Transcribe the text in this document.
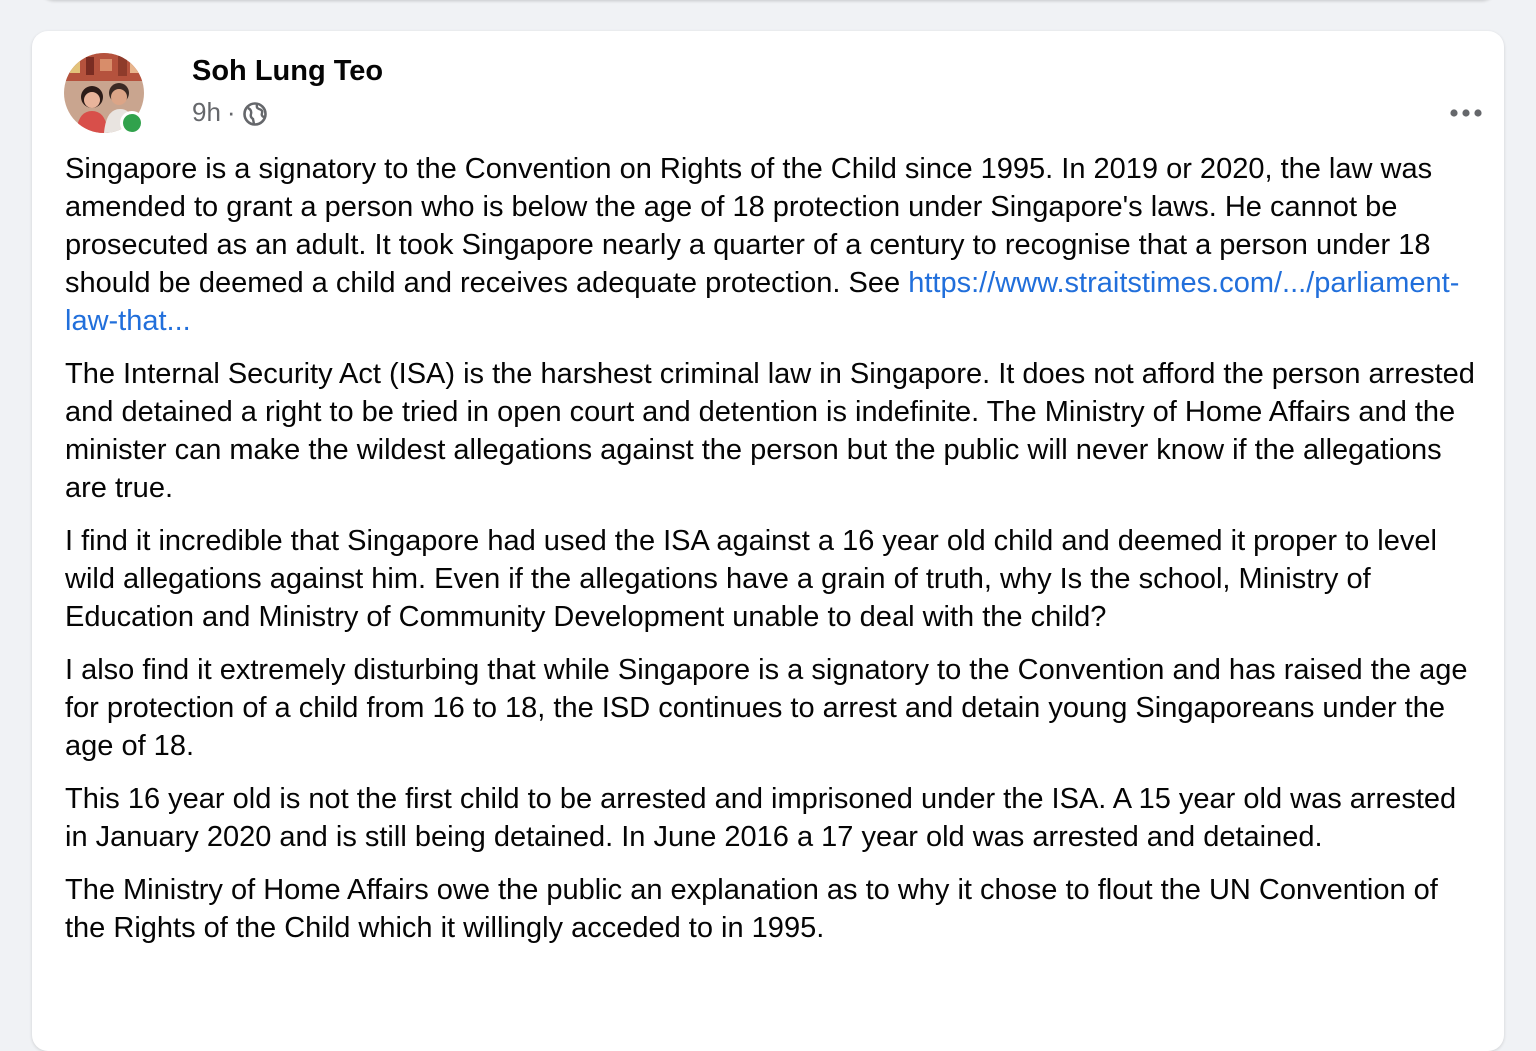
Soh Lung Teo
9h ·

Singapore is a signatory to the Convention on Rights of the Child since 1995. In 2019 or 2020, the law was amended to grant a person who is below the age of 18 protection under Singapore's laws. He cannot be prosecuted as an adult. It took Singapore nearly a quarter of a century to recognise that a person under 18 should be deemed a child and receives adequate protection. See https://www.straitstimes.com/.../parliament-law-that...

The Internal Security Act (ISA) is the harshest criminal law in Singapore. It does not afford the person arrested and detained a right to be tried in open court and detention is indefinite. The Ministry of Home Affairs and the minister can make the wildest allegations against the person but the public will never know if the allegations are true.

I find it incredible that Singapore had used the ISA against a 16 year old child and deemed it proper to level wild allegations against him. Even if the allegations have a grain of truth, why Is the school, Ministry of Education and Ministry of Community Development unable to deal with the child?

I also find it extremely disturbing that while Singapore is a signatory to the Convention and has raised the age for protection of a child from 16 to 18, the ISD continues to arrest and detain young Singaporeans under the age of 18.

This 16 year old is not the first child to be arrested and imprisoned under the ISA. A 15 year old was arrested in January 2020 and is still being detained. In June 2016 a 17 year old was arrested and detained.

The Ministry of Home Affairs owe the public an explanation as to why it chose to flout the UN Convention of the Rights of the Child which it willingly acceded to in 1995.
